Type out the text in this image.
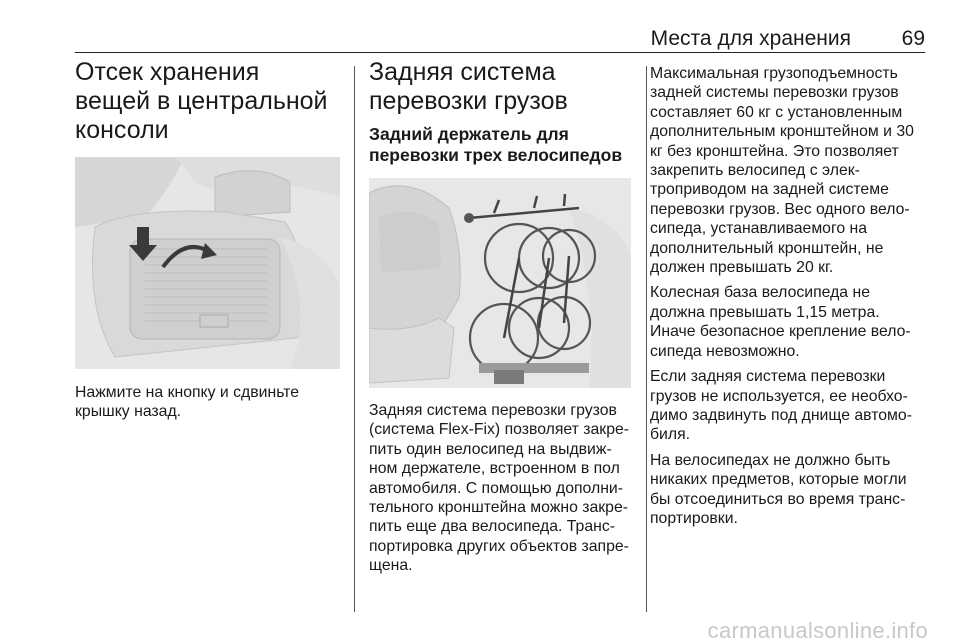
Места для хранения 69
Отсек хранения вещей в центральной консоли

Нажмите на кнопку и сдвиньте крышку назад.

Задняя система перевозки грузов
Задний держатель для перевозки трех велосипедов

Задняя система перевозки грузов (система Flex-Fix) позволяет закрепить один велосипед на выдвижном держателе, встроенном в пол автомобиля. С помощью дополнительного кронштейна можно закрепить еще два велосипеда. Транспортировка других объектов запрещена.

Максимальная грузоподъемность задней системы перевозки грузов составляет 60 кг с установленным дополнительным кронштейном и 30 кг без кронштейна. Это позволяет закрепить велосипед с электроприводом на задней системе перевозки грузов. Вес одного велосипеда, устанавливаемого на дополнительный кронштейн, не должен превышать 20 кг.

Колесная база велосипеда не должна превышать 1,15 метра. Иначе безопасное крепление велосипеда невозможно.

Если задняя система перевозки грузов не используется, ее необходимо задвинуть под днище автомобиля.

На велосипедах не должно быть никаких предметов, которые могли бы отсоединиться во время транспортировки.

carmanualsonline.info
